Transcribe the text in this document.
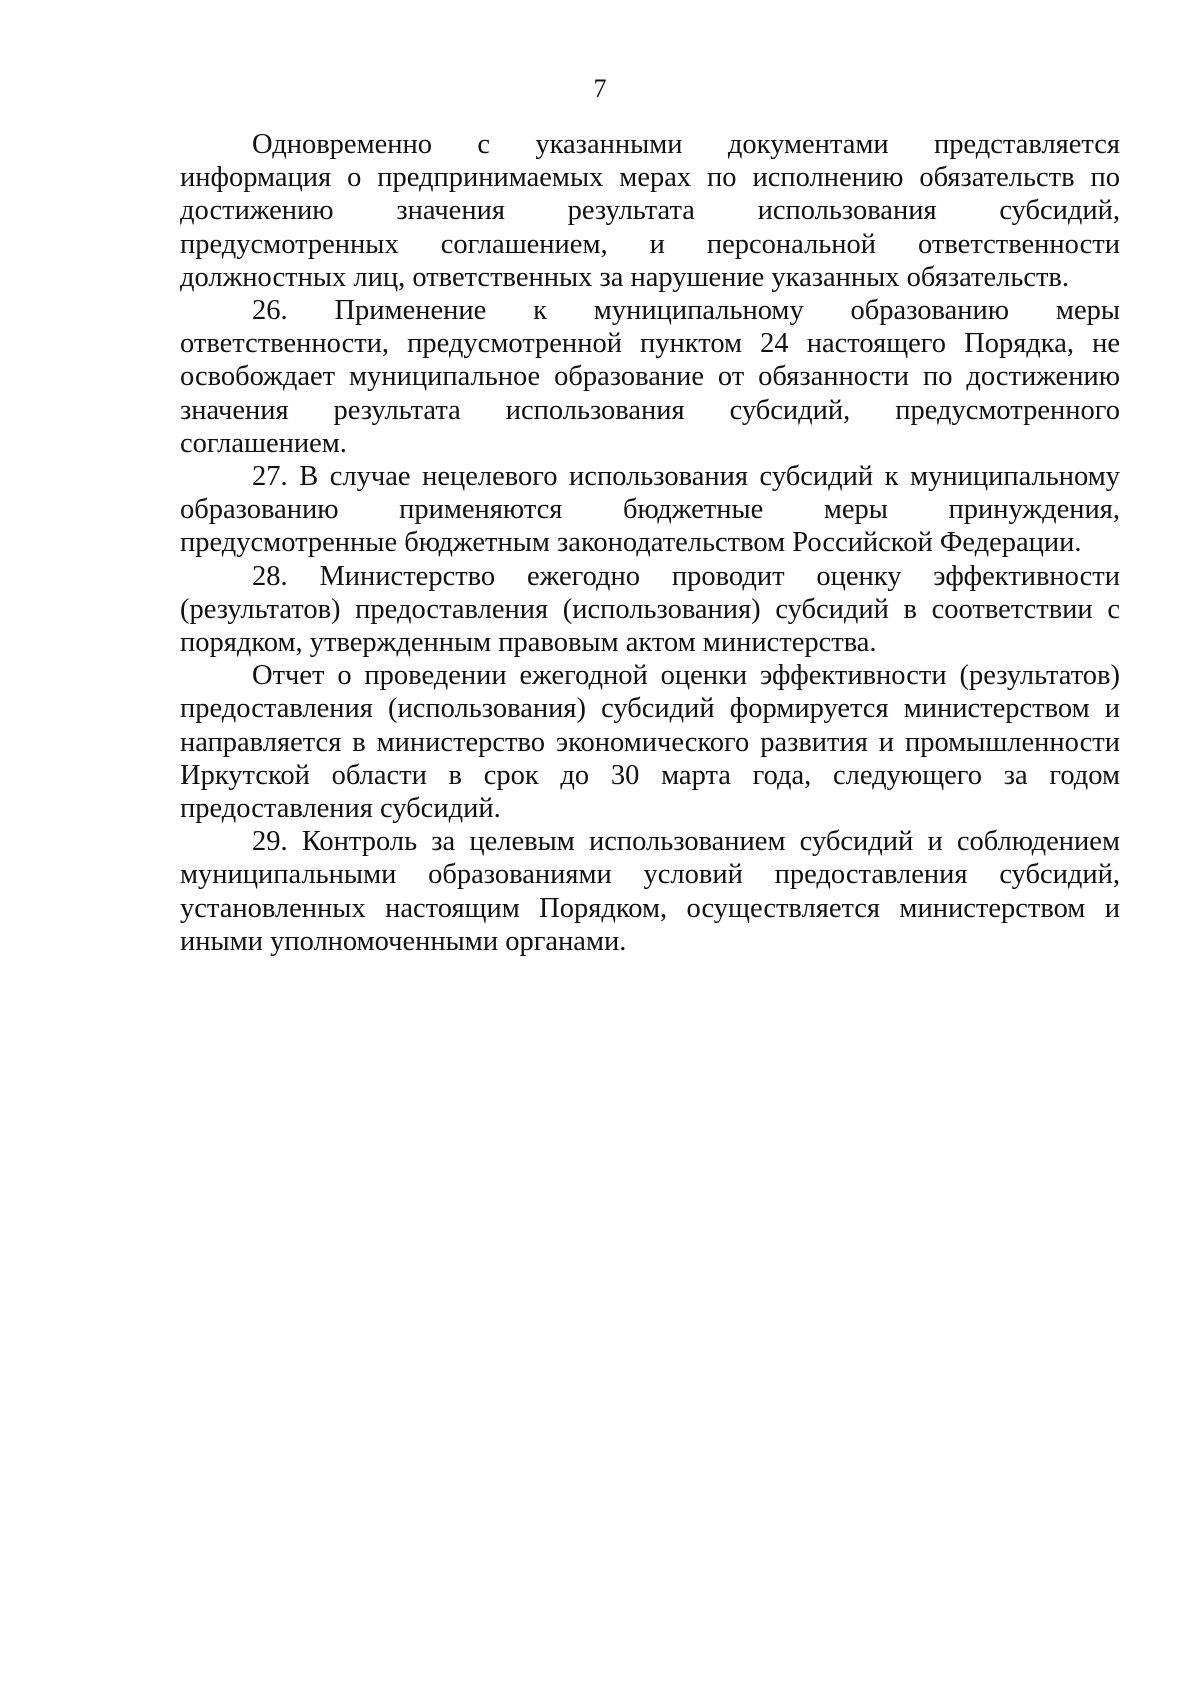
7

Одновременно с указанными документами представляется информация о предпринимаемых мерах по исполнению обязательств по достижению значения результата использования субсидий, предусмотренных соглашением, и персональной ответственности должностных лиц, ответственных за нарушение указанных обязательств.

26. Применение к муниципальному образованию меры ответственности, предусмотренной пунктом 24 настоящего Порядка, не освобождает муниципальное образование от обязанности по достижению значения результата использования субсидий, предусмотренного соглашением.

27. В случае нецелевого использования субсидий к муниципальному образованию применяются бюджетные меры принуждения, предусмотренные бюджетным законодательством Российской Федерации.

28. Министерство ежегодно проводит оценку эффективности (результатов) предоставления (использования) субсидий в соответствии с порядком, утвержденным правовым актом министерства.

Отчет о проведении ежегодной оценки эффективности (результатов) предоставления (использования) субсидий формируется министерством и направляется в министерство экономического развития и промышленности Иркутской области в срок до 30 марта года, следующего за годом предоставления субсидий.

29. Контроль за целевым использованием субсидий и соблюдением муниципальными образованиями условий предоставления субсидий, установленных настоящим Порядком, осуществляется министерством и иными уполномоченными органами.
